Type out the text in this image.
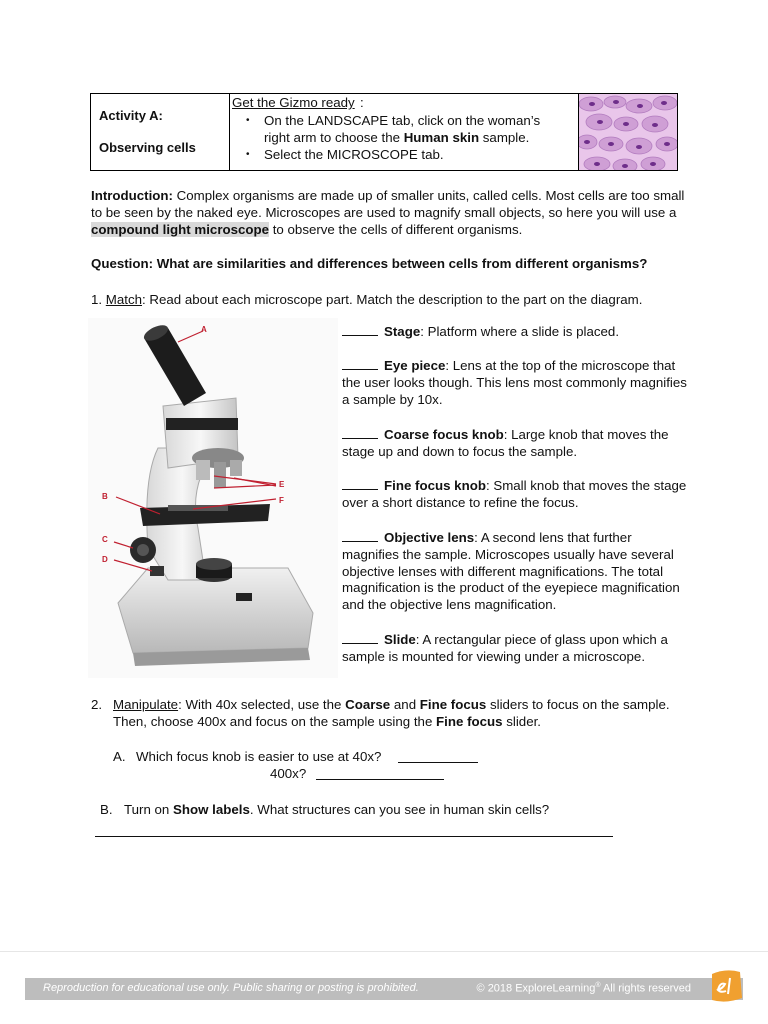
Activity A:
Observing cells
Get the Gizmo ready :
• On the LANDSCAPE tab, click on the woman’s
right arm to choose the Human skin sample.
• Select the MICROSCOPE tab.
Introduction: Complex organisms are made up of smaller units, called cells. Most cells are too small to be seen by the naked eye. Microscopes are used to magnify small objects, so here you will use a compound light microscope to observe the cells of different organisms.
Question: What are similarities and differences between cells from different organisms?
1. Match: Read about each microscope part. Match the description to the part on the diagram.
A
B
C
D
E
F
Stage: Platform where a slide is placed.
Eye piece: Lens at the top of the microscope that the user looks though. This lens most commonly magnifies a sample by 10x.
Coarse focus knob: Large knob that moves the stage up and down to focus the sample.
Fine focus knob: Small knob that moves the stage over a short distance to refine the focus.
Objective lens: A second lens that further magnifies the sample. Microscopes usually have several objective lenses with different magnifications. The total magnification is the product of the eyepiece magnification and the objective lens magnification.
Slide: A rectangular piece of glass upon which a sample is mounted for viewing under a microscope.
2. Manipulate: With 40x selected, use the Coarse and Fine focus sliders to focus on the sample. Then, choose 400x and focus on the sample using the Fine focus slider.
A. Which focus knob is easier to use at 40x?
400x?
B. Turn on Show labels. What structures can you see in human skin cells?
Reproduction for educational use only. Public sharing or posting is prohibited.	© 2018 ExploreLearning® All rights reserved
